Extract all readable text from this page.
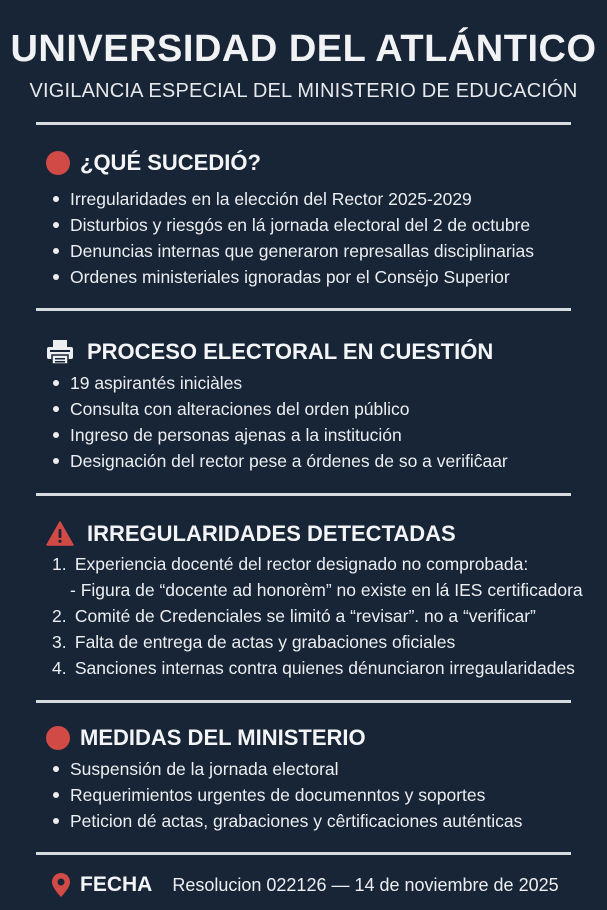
UNIVERSIDAD DEL ATLÁNTICO
VIGILANCIA ESPECIAL DEL MINISTERIO DE EDUCACIÓN
¿QUÉ SUCEDIÓ?
Irregularidades en la elección del Rector 2025-2029
Disturbios y riesgós en lá jornada electoral del 2 de octubre
Denuncias internas que generaron represallas disciplinarias
Ordenes ministeriales ignoradas por el Consėjo Superior
PROCESO ELECTORAL EN CUESTIÓN
19 aspirantés iniciàles
Consulta con alteraciones del orden público
Ingreso de personas ajenas a la institución
Designación del rector pese a órdenes de so a verifiĉaar
IRREGULARIDADES DETECTADAS
1. Experiencia docenté del rector designado no comprobada:
- Figura de “docente ad honorèm” no existe en lá IES certificadora
2. Comité de Credenciales se limitó a “revisar”. no a “verificar”
3. Falta de entrega de actas y grabaciones oficiales
4. Sanciones internas contra quienes dénunciaron irregaularidades
MEDIDAS DEL MINISTERIO
Suspensión de la jornada electoral
Requerimientos urgentes de documenntos y soportes
Peticion dé actas, grabaciones y cêrtificaciones auténticas
FECHA Resolucion 022126 — 14 de noviembre de 2025
